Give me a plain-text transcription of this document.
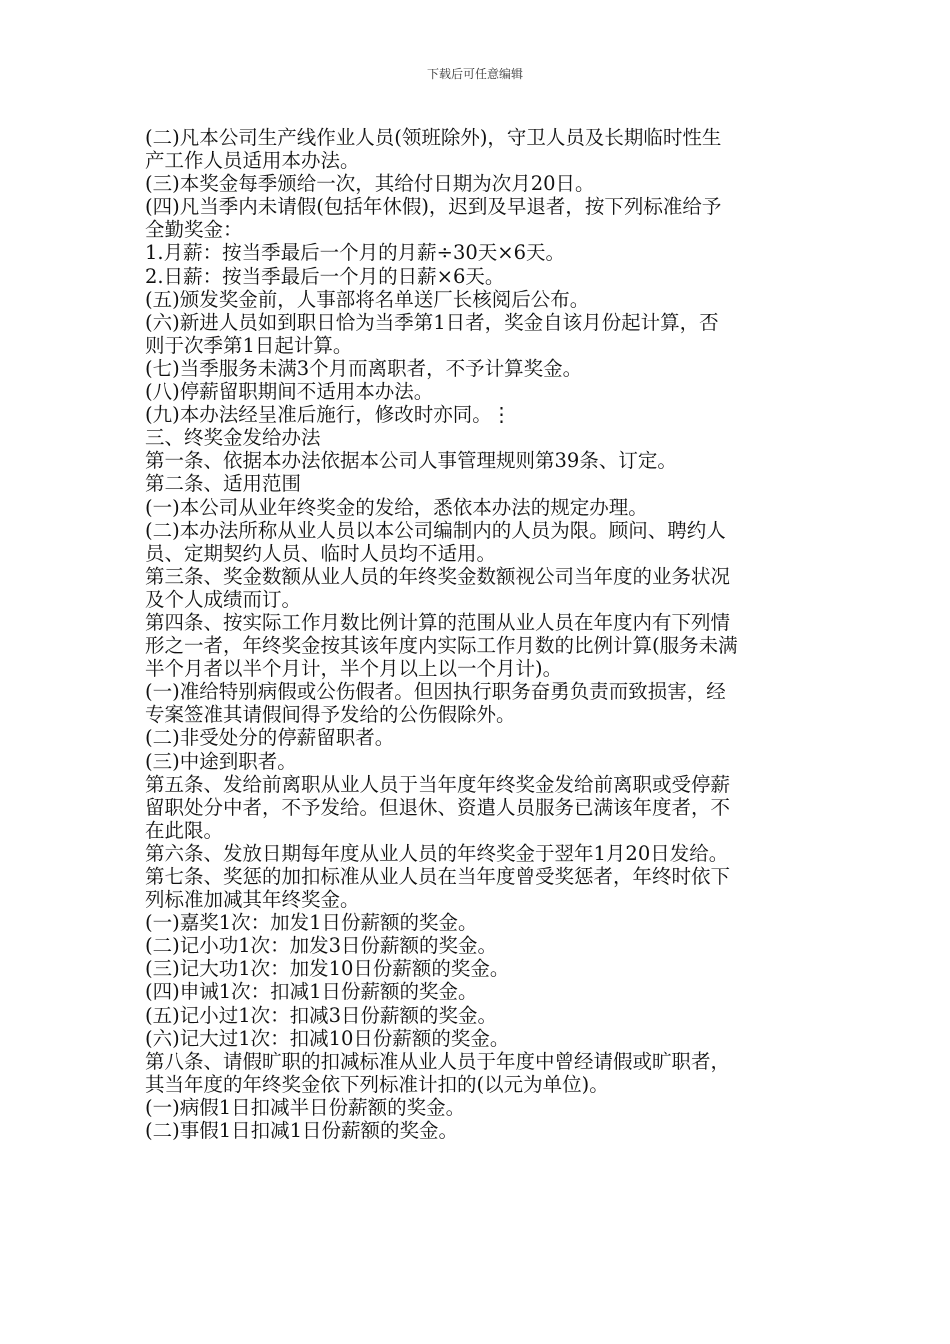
下载后可任意编辑
(二)凡本公司生产线作业人员(领班除外)，守卫人员及长期临时性生
产工作人员适用本办法。
(三)本奖金每季颁给一次，其给付日期为次月20日。
(四)凡当季内未请假(包括年休假)，迟到及早退者，按下列标准给予
全勤奖金：
1.月薪：按当季最后一个月的月薪÷30天×6天。
2.日薪：按当季最后一个月的日薪×6天。
(五)颁发奖金前，人事部将名单送厂长核阅后公布。
(六)新进人员如到职日恰为当季第1日者，奖金自该月份起计算，否
则于次季第1日起计算。
(七)当季服务未满3个月而离职者，不予计算奖金。
(八)停薪留职期间不适用本办法。
(九)本办法经呈准后施行，修改时亦同。⋮
三、终奖金发给办法
第一条、依据本办法依据本公司人事管理规则第39条、订定。
第二条、适用范围
(一)本公司从业年终奖金的发给，悉依本办法的规定办理。
(二)本办法所称从业人员以本公司编制内的人员为限。顾问、聘约人
员、定期契约人员、临时人员均不适用。
第三条、奖金数额从业人员的年终奖金数额视公司当年度的业务状况
及个人成绩而订。
第四条、按实际工作月数比例计算的范围从业人员在年度内有下列情
形之一者，年终奖金按其该年度内实际工作月数的比例计算(服务未满
半个月者以半个月计，半个月以上以一个月计)。
(一)准给特别病假或公伤假者。但因执行职务奋勇负责而致损害，经
专案签准其请假间得予发给的公伤假除外。
(二)非受处分的停薪留职者。
(三)中途到职者。
第五条、发给前离职从业人员于当年度年终奖金发给前离职或受停薪
留职处分中者，不予发给。但退休、资遣人员服务已满该年度者，不
在此限。
第六条、发放日期每年度从业人员的年终奖金于翌年1月20日发给。
第七条、奖惩的加扣标准从业人员在当年度曾受奖惩者，年终时依下
列标准加减其年终奖金。
(一)嘉奖1次：加发1日份薪额的奖金。
(二)记小功1次：加发3日份薪额的奖金。
(三)记大功1次：加发10日份薪额的奖金。
(四)申诫1次：扣减1日份薪额的奖金。
(五)记小过1次：扣减3日份薪额的奖金。
(六)记大过1次：扣减10日份薪额的奖金。
第八条、请假旷职的扣减标准从业人员于年度中曾经请假或旷职者，
其当年度的年终奖金依下列标准计扣的(以元为单位)。
(一)病假1日扣减半日份薪额的奖金。
(二)事假1日扣减1日份薪额的奖金。
